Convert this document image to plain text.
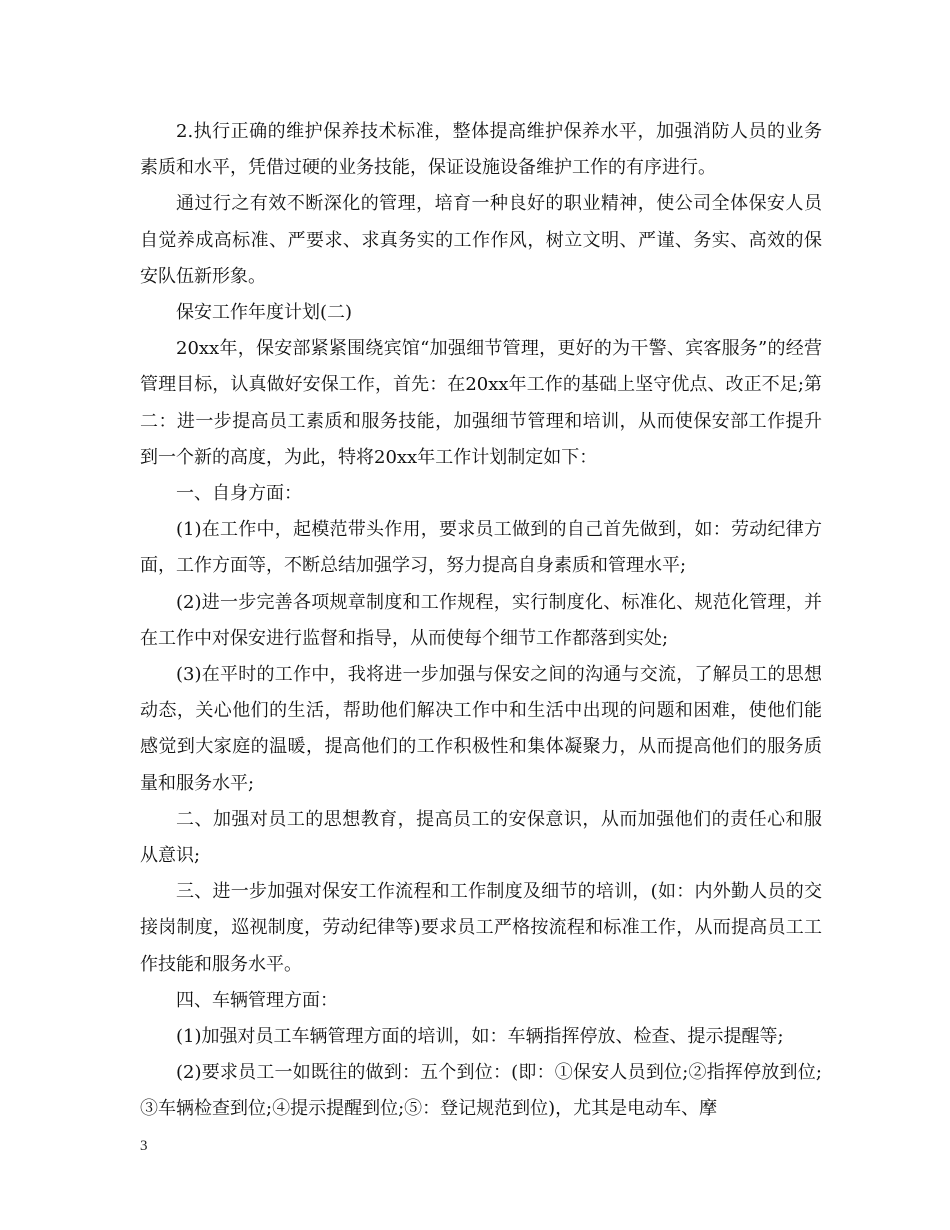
2.执行正确的维护保养技术标准，整体提高维护保养水平，加强消防人员的业务素质和水平，凭借过硬的业务技能，保证设施设备维护工作的有序进行。

通过行之有效不断深化的管理，培育一种良好的职业精神，使公司全体保安人员自觉养成高标准、严要求、求真务实的工作作风，树立文明、严谨、务实、高效的保安队伍新形象。

保安工作年度计划(二)

20xx年，保安部紧紧围绕宾馆“加强细节管理，更好的为干警、宾客服务”的经营管理目标，认真做好安保工作，首先：在20xx年工作的基础上坚守优点、改正不足;第二：进一步提高员工素质和服务技能，加强细节管理和培训，从而使保安部工作提升到一个新的高度，为此，特将20xx年工作计划制定如下：

一、自身方面：

(1)在工作中，起模范带头作用，要求员工做到的自己首先做到，如：劳动纪律方面，工作方面等，不断总结加强学习，努力提高自身素质和管理水平;

(2)进一步完善各项规章制度和工作规程，实行制度化、标准化、规范化管理，并在工作中对保安进行监督和指导，从而使每个细节工作都落到实处;

(3)在平时的工作中，我将进一步加强与保安之间的沟通与交流，了解员工的思想动态，关心他们的生活，帮助他们解决工作中和生活中出现的问题和困难，使他们能感觉到大家庭的温暖，提高他们的工作积极性和集体凝聚力，从而提高他们的服务质量和服务水平;

二、加强对员工的思想教育，提高员工的安保意识，从而加强他们的责任心和服从意识;

三、进一步加强对保安工作流程和工作制度及细节的培训，(如：内外勤人员的交接岗制度，巡视制度，劳动纪律等)要求员工严格按流程和标准工作，从而提高员工工作技能和服务水平。

四、车辆管理方面：

(1)加强对员工车辆管理方面的培训，如：车辆指挥停放、检查、提示提醒等;

(2)要求员工一如既往的做到：五个到位：(即：①保安人员到位;②指挥停放到位;③车辆检查到位;④提示提醒到位;⑤：登记规范到位)，尤其是电动车、摩

3
